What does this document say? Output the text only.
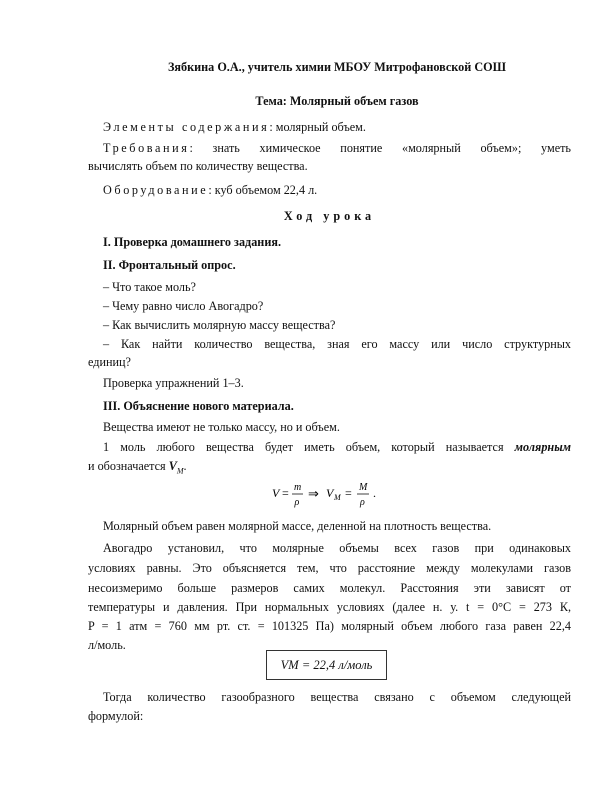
Зябкина О.А., учитель химии МБОУ Митрофановской СОШ
Тема: Молярный объем газов
Элементы содержания: молярный объем.
Требования: знать химическое понятие «молярный объем»; уметь
вычислять объем по количеству вещества.
Оборудование: куб объемом 22,4 л.
Ход урока
I. Проверка домашнего задания.
II. Фронтальный опрос.
– Что такое моль?
– Чему равно число Авогадро?
– Как вычислить молярную массу вещества?
– Как найти количество вещества, зная его массу или число структурных
единиц?
Проверка упражнений 1–3.
III. Объяснение нового материала.
Вещества имеют не только массу, но и объем.
1 моль любого вещества будет иметь объем, который называется молярным
и обозначается $V_M$.
V = m
ρ
⇒ V M = M
ρ
.
Молярный объем равен молярной массе, деленной на плотность вещества.
Авогадро установил, что молярные объемы всех газов при одинаковых
условиях равны. Это объясняется тем, что расстояние между молекулами газов
несоизмеримо больше размеров самих молекул. Расстояния эти зависят от
температуры и давления. При нормальных условиях (далее н. у. t = 0°C = 273 К,
P = 1 атм = 760 мм рт. ст. = 101325 Па) молярный объем любого газа равен 22,4
л/моль.
VM = 22,4 л/моль
Тогда количество газообразного вещества связано с объемом следующей
формулой:
